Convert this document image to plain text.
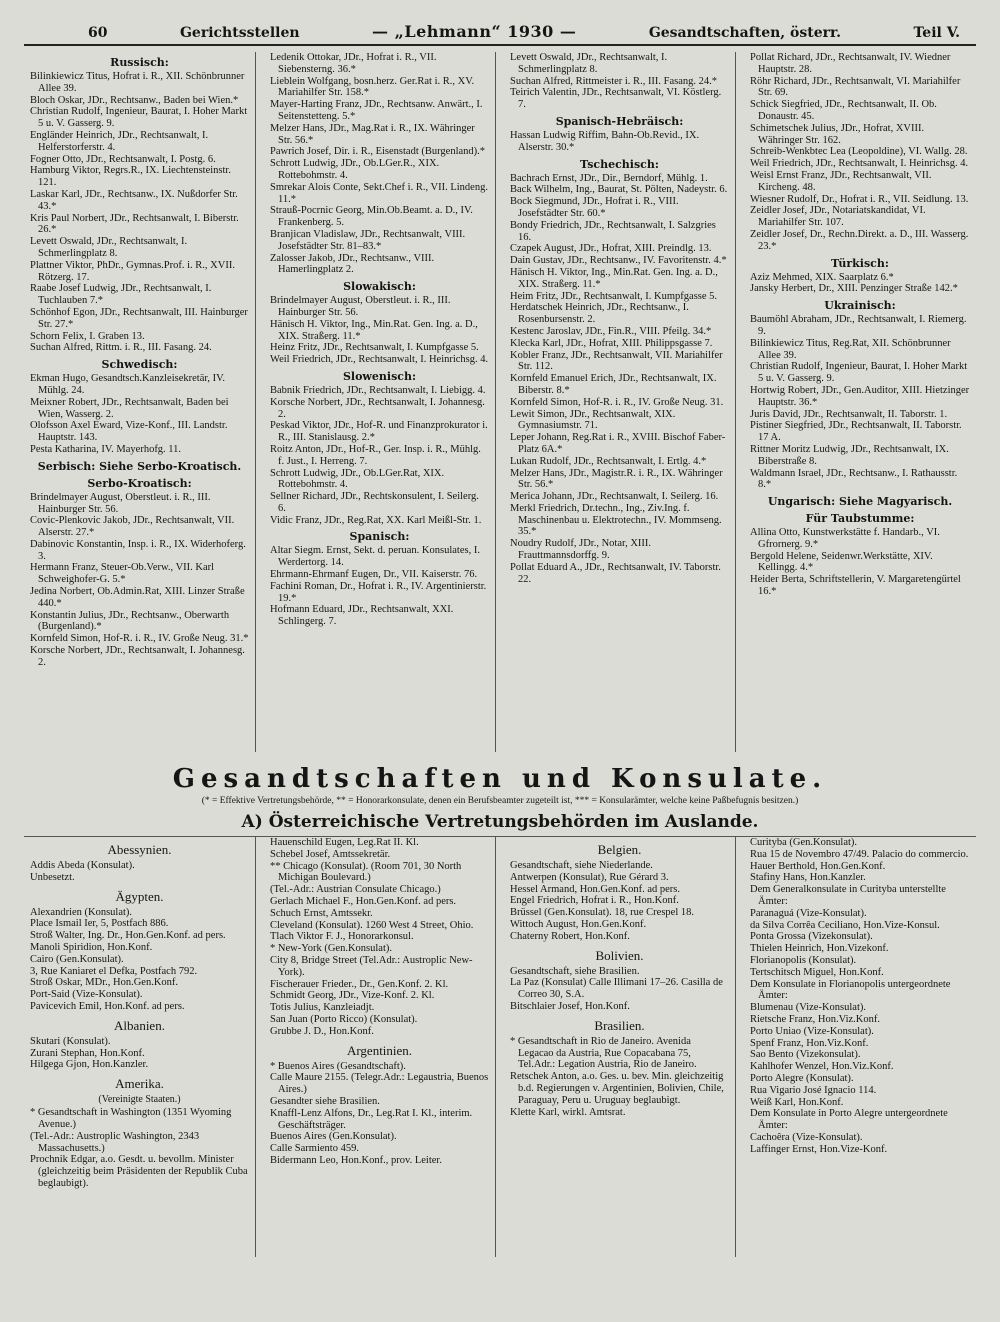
60	Gerichtsstellen	— „Lehmann“ 1930 —	Gesandtschaften, österr.	Teil V.
Russisch:
Bilinkiewicz Titus, Hofrat i. R., XII. Schönbrunner Allee 39.
Bloch Oskar, JDr., Rechtsanw., Baden bei Wien.*
Christian Rudolf, Ingenieur, Baurat, I. Hoher Markt 5 u. V. Gasserg. 9.
Engländer Heinrich, JDr., Rechtsanwalt, I. Helferstorferstr. 4.
Fogner Otto, JDr., Rechtsanwalt, I. Postg. 6.
Hamburg Viktor, Regrs.R., IX. Liechtensteinstr. 121.
Laskar Karl, JDr., Rechtsanw., IX. Nußdorfer Str. 43.*
Kris Paul Norbert, JDr., Rechtsanwalt, I. Biberstr. 26.*
Levett Oswald, JDr., Rechtsanwalt, I. Schmerlingplatz 8.
Plattner Viktor, PhDr., Gymnas.Prof. i. R., XVII. Rötzerg. 17.
Raabe Josef Ludwig, JDr., Rechtsanwalt, I. Tuchlauben 7.*
Schönhof Egon, JDr., Rechtsanwalt, III. Hainburger Str. 27.*
Schorn Felix, I. Graben 13.
Suchan Alfred, Rittm. i. R., III. Fasang. 24.
Schwedisch:
Ekman Hugo, Gesandtsch.Kanzleisekretär, IV. Mühlg. 24.
Meixner Robert, JDr., Rechtsanwalt, Baden bei Wien, Wasserg. 2.
Olofsson Axel Eward, Vize-Konf., III. Landstr. Hauptstr. 143.
Pesta Katharina, IV. Mayerhofg. 11.
Serbisch: Siehe Serbo-Kroatisch.
Serbo-Kroatisch:
Brindelmayer August, Oberstleut. i. R., III. Hainburger Str. 56.
Covic-Plenkovic Jakob, JDr., Rechtsanwalt, VII. Alserstr. 27.*
Dabinovic Konstantin, Insp. i. R., IX. Widerhoferg. 3.
Hermann Franz, Steuer-Ob.Verw., VII. Karl Schweighofer-G. 5.*
Jedina Norbert, Ob.Admin.Rat, XIII. Linzer Straße 440.*
Konstantin Julius, JDr., Rechtsanw., Oberwarth (Burgenland).*
Kornfeld Simon, Hof-R. i. R., IV. Große Neug. 31.*
Korsche Norbert, JDr., Rechtsanwalt, I. Johannesg. 2.
Ledenik Ottokar, JDr., Hofrat i. R., VII. Siebensterng. 36.*
Lieblein Wolfgang, bosn.herz. Ger.Rat i. R., XV. Mariahilfer Str. 158.*
Mayer-Harting Franz, JDr., Rechtsanw. Anwärt., I. Seitenstetteng. 5.*
Melzer Hans, JDr., Mag.Rat i. R., IX. Währinger Str. 56.*
Pawrich Josef, Dir. i. R., Eisenstadt (Burgenland).*
Schrott Ludwig, JDr., Ob.LGer.R., XIX. Rottebohmstr. 4.
Smrekar Alois Conte, Sekt.Chef i. R., VII. Lindeng. 11.*
Strauß-Pocrnic Georg, Min.Ob.Beamt. a. D., IV. Frankenberg. 5.
Branjican Vladislaw, JDr., Rechtsanwalt, VIII. Josefstädter Str. 81–83.*
Zalosser Jakob, JDr., Rechtsanw., VIII. Hamerlingplatz 2.
Slowakisch:
Brindelmayer August, Oberstleut. i. R., III. Hainburger Str. 56.
Hänisch H. Viktor, Ing., Min.Rat. Gen. Ing. a. D., XIX. Straßerg. 11.*
Heinz Fritz, JDr., Rechtsanwalt, I. Kumpfgasse 5.
Weil Friedrich, JDr., Rechtsanwalt, I. Heinrichsg. 4.
Slowenisch:
Babnik Friedrich, JDr., Rechtsanwalt, I. Liebigg. 4.
Korsche Norbert, JDr., Rechtsanwalt, I. Johannesg. 2.
Peskad Viktor, JDr., Hof-R. und Finanzprokurator i. R., III. Stanislausg. 2.*
Roitz Anton, JDr., Hof-R., Ger. Insp. i. R., Mühlg. f. Just., I. Herreng. 7.
Schrott Ludwig, JDr., Ob.LGer.Rat, XIX. Rottebohmstr. 4.
Sellner Richard, JDr., Rechtskonsulent, I. Seilerg. 6.
Vidic Franz, JDr., Reg.Rat, XX. Karl Meißl-Str. 1.
Spanisch:
Altar Siegm. Ernst, Sekt. d. peruan. Konsulates, I. Werdertorg. 14.
Ehrmann-Ehrmanf Eugen, Dr., VII. Kaiserstr. 76.
Fachini Roman, Dr., Hofrat i. R., IV. Argentinierstr. 19.*
Hofmann Eduard, JDr., Rechtsanwalt, XXI. Schlingerg. 7.
Levett Oswald, JDr., Rechtsanwalt, I. Schmerlingplatz 8.
Suchan Alfred, Rittmeister i. R., III. Fasang. 24.*
Teirich Valentin, JDr., Rechtsanwalt, VI. Köstlerg. 7.
Spanisch-Hebräisch:
Hassan Ludwig Riffim, Bahn-Ob.Revid., IX. Alserstr. 30.*
Tschechisch:
Bachrach Ernst, JDr., Dir., Berndorf, Mühlg. 1.
Back Wilhelm, Ing., Baurat, St. Pölten, Nadeystr. 6.
Bock Siegmund, JDr., Hofrat i. R., VIII. Josefstädter Str. 60.*
Bondy Friedrich, JDr., Rechtsanwalt, I. Salzgries 16.
Czapek August, JDr., Hofrat, XIII. Preindlg. 13.
Dain Gustav, JDr., Rechtsanw., IV. Favoritenstr. 4.*
Hänisch H. Viktor, Ing., Min.Rat. Gen. Ing. a. D., XIX. Straßerg. 11.*
Heim Fritz, JDr., Rechtsanwalt, I. Kumpfgasse 5.
Herdatschek Heinrich, JDr., Rechtsanw., I. Rosenbursenstr. 2.
Kestenc Jaroslav, JDr., Fin.R., VIII. Pfeilg. 34.*
Klecka Karl, JDr., Hofrat, XIII. Philippsgasse 7.
Kobler Franz, JDr., Rechtsanwalt, VII. Mariahilfer Str. 112.
Kornfeld Emanuel Erich, JDr., Rechtsanwalt, IX. Biberstr. 8.*
Kornfeld Simon, Hof-R. i. R., IV. Große Neug. 31.
Lewit Simon, JDr., Rechtsanwalt, XIX. Gymnasiumstr. 71.
Leper Johann, Reg.Rat i. R., XVIII. Bischof Faber-Platz 6A.*
Lukan Rudolf, JDr., Rechtsanwalt, I. Ertlg. 4.*
Melzer Hans, JDr., Magistr.R. i. R., IX. Währinger Str. 56.*
Merica Johann, JDr., Rechtsanwalt, I. Seilerg. 16.
Merkl Friedrich, Dr.techn., Ing., Ziv.Ing. f. Maschinenbau u. Elektrotechn., IV. Mommseng. 35.*
Noudry Rudolf, JDr., Notar, XIII. Frauttmannsdorffg. 9.
Pollat Eduard A., JDr., Rechtsanwalt, IV. Taborstr. 22.
Pollat Richard, JDr., Rechtsanwalt, IV. Wiedner Hauptstr. 28.
Röhr Richard, JDr., Rechtsanwalt, VI. Mariahilfer Str. 69.
Schick Siegfried, JDr., Rechtsanwalt, II. Ob. Donaustr. 45.
Schimetschek Julius, JDr., Hofrat, XVIII. Währinger Str. 162.
Schreib-Wenkbtec Lea (Leopoldine), VI. Wallg. 28.
Weil Friedrich, JDr., Rechtsanwalt, I. Heinrichsg. 4.
Weisl Ernst Franz, JDr., Rechtsanwalt, VII. Kircheng. 48.
Wiesner Rudolf, Dr., Hofrat i. R., VII. Seidlung. 13.
Zeidler Josef, JDr., Notariatskandidat, VI. Mariahilfer Str. 107.
Zeidler Josef, Dr., Rechn.Direkt. a. D., III. Wasserg. 23.*
Türkisch:
Aziz Mehmed, XIX. Saarplatz 6.*
Jansky Herbert, Dr., XIII. Penzinger Straße 142.*
Ukrainisch:
Baumöhl Abraham, JDr., Rechtsanwalt, I. Riemerg. 9.
Bilinkiewicz Titus, Reg.Rat, XII. Schönbrunner Allee 39.
Christian Rudolf, Ingenieur, Baurat, I. Hoher Markt 5 u. V. Gasserg. 9.
Hortwig Robert, JDr., Gen.Auditor, XIII. Hietzinger Hauptstr. 36.*
Juris David, JDr., Rechtsanwalt, II. Taborstr. 1.
Pistiner Siegfried, JDr., Rechtsanwalt, II. Taborstr. 17 A.
Rittner Moritz Ludwig, JDr., Rechtsanwalt, IX. Biberstraße 8.
Waldmann Israel, JDr., Rechtsanw., I. Rathausstr. 8.*
Ungarisch: Siehe Magyarisch.
Für Taubstumme:
Allina Otto, Kunstwerkstätte f. Handarb., VI. Gfrornerg. 9.*
Bergold Helene, Seidenwr.Werkstätte, XIV. Kellingg. 4.*
Heider Berta, Schriftstellerin, V. Margaretengürtel 16.*
Gesandtschaften und Konsulate.
(* = Effektive Vertretungsbehörde, ** = Honorarkonsulate, denen ein Berufsbeamter zugeteilt ist, *** = Konsularämter, welche keine Paßbefugnis besitzen.)
A) Österreichische Vertretungsbehörden im Auslande.
Abessynien.
Addis Abeda (Konsulat).
Unbesetzt.
Ägypten.
Alexandrien (Konsulat).
Place Ismail Ier, 5, Postfach 886.
Stroß Walter, Ing. Dr., Hon.Gen.Konf. ad pers.
Manoli Spiridion, Hon.Konf.
Cairo (Gen.Konsulat).
3, Rue Kaniaret el Defka, Postfach 792.
Stroß Oskar, MDr., Hon.Gen.Konf.
Port-Said (Vize-Konsulat).
Pavicevich Emil, Hon.Konf. ad pers.
Albanien.
Skutari (Konsulat).
Zurani Stephan, Hon.Konf.
Hilgega Gjon, Hon.Kanzler.
Amerika.
(Vereinigte Staaten.)
* Gesandtschaft in Washington (1351 Wyoming Avenue.)
(Tel.-Adr.: Austroplic Washington, 2343 Massachusetts.)
Prochnik Edgar, a.o. Gesdt. u. bevollm. Minister (gleichzeitig beim Präsidenten der Republik Cuba beglaubigt).
Hauenschild Eugen, Leg.Rat II. Kl.
Schebel Josef, Amtssekretär.
** Chicago (Konsulat). (Room 701, 30 North Michigan Boulevard.)
(Tel.-Adr.: Austrian Consulate Chicago.)
Gerlach Michael F., Hon.Gen.Konf. ad pers.
Schuch Ernst, Amtssekr.
Cleveland (Konsulat). 1260 West 4 Street, Ohio.
Tlach Viktor F. J., Honorarkonsul.
* New-York (Gen.Konsulat).
City 8, Bridge Street (Tel.Adr.: Austroplic New-York).
Fischerauer Frieder., Dr., Gen.Konf. 2. Kl.
Schmidt Georg, JDr., Vize-Konf. 2. Kl.
Totis Julius, Kanzleiadjt.
San Juan (Porto Ricco) (Konsulat).
Grubbe J. D., Hon.Konf.
Argentinien.
* Buenos Aires (Gesandtschaft).
Calle Maure 2155. (Telegr.Adr.: Legaustria, Buenos Aires.)
Gesandter siehe Brasilien.
Knaffl-Lenz Alfons, Dr., Leg.Rat I. Kl., interim. Geschäftsträger.
Buenos Aires (Gen.Konsulat).
Calle Sarmiento 459.
Bidermann Leo, Hon.Konf., prov. Leiter.
Belgien.
Gesandtschaft, siehe Niederlande.
Antwerpen (Konsulat), Rue Gérard 3.
Hessel Armand, Hon.Gen.Konf. ad pers.
Engel Friedrich, Hofrat i. R., Hon.Konf.
Brüssel (Gen.Konsulat). 18, rue Crespel 18.
Wittoch August, Hon.Gen.Konf.
Chaterny Robert, Hon.Konf.
Bolivien.
Gesandtschaft, siehe Brasilien.
La Paz (Konsulat) Calle Illimani 17–26. Casilla de Correo 30, S.A.
Bitschlaier Josef, Hon.Konf.
Brasilien.
* Gesandtschaft in Rio de Janeiro. Avenida Legacao da Austria, Rue Copacabana 75, Tel.Adr.: Legation Austria, Rio de Janeiro.
Retschek Anton, a.o. Ges. u. bev. Min. gleichzeitig b.d. Regierungen v. Argentinien, Bolivien, Chile, Paraguay, Peru u. Uruguay beglaubigt.
Klette Karl, wirkl. Amtsrat.
Curityba (Gen.Konsulat).
Rua 15 de Novembro 47/49. Palacio do commercio.
Hauer Berthold, Hon.Gen.Konf.
Stafiny Hans, Hon.Kanzler.
Dem Generalkonsulate in Curityba unterstellte Ämter:
Paranaguá (Vize-Konsulat).
da Silva Corrêa Ceciliano, Hon.Vize-Konsul.
Ponta Grossa (Vizekonsulat).
Thielen Heinrich, Hon.Vizekonf.
Florianopolis (Konsulat).
Tertschitsch Miguel, Hon.Konf.
Dem Konsulate in Florianopolis untergeordnete Ämter:
Blumenau (Vize-Konsulat).
Rietsche Franz, Hon.Viz.Konf.
Porto Uniao (Vize-Konsulat).
Spenf Franz, Hon.Viz.Konf.
Sao Bento (Vizekonsulat).
Kahlhofer Wenzel, Hon.Viz.Konf.
Porto Alegre (Konsulat).
Rua Vigario José Ignacio 114.
Weiß Karl, Hon.Konf.
Dem Konsulate in Porto Alegre untergeordnete Ämter:
Cachoêra (Vize-Konsulat).
Laffinger Ernst, Hon.Vize-Konf.
